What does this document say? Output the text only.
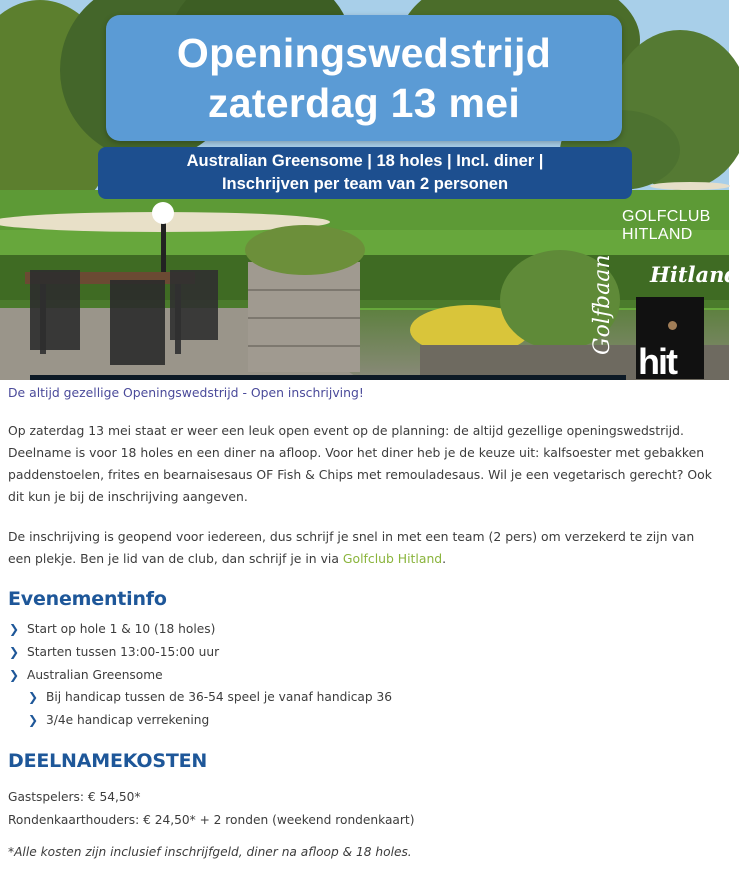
Openingswedstrijd
zaterdag 13 mei
Australian Greensome | 18 holes | Incl. diner |
Inschrijven per team van 2 personen
GOLFCLUB
HITLAND
Golfbaan Hitland
hit

De altijd gezellige Openingswedstrijd - Open inschrijving!

Op zaterdag 13 mei staat er weer een leuk open event op de planning: de altijd gezellige openingswedstrijd. Deelname is voor 18 holes en een diner na afloop. Voor het diner heb je de keuze uit: kalfsoester met gebakken paddenstoelen, frites en bearnaisesaus OF Fish & Chips met remouladesaus. Wil je een vegetarisch gerecht? Ook dit kun je bij de inschrijving aangeven.

De inschrijving is geopend voor iedereen, dus schrijf je snel in met een team (2 pers) om verzekerd te zijn van een plekje. Ben je lid van de club, dan schrijf je in via Golfclub Hitland.

Evenementinfo
❯ Start op hole 1 & 10 (18 holes)
❯ Starten tussen 13:00-15:00 uur
❯ Australian Greensome
❯ Bij handicap tussen de 36-54 speel je vanaf handicap 36
❯ 3/4e handicap verrekening
DEELNAMEKOSTEN
Gastspelers: € 54,50*
Rondenkaarthouders: € 24,50* + 2 ronden (weekend rondenkaart)
*Alle kosten zijn inclusief inschrijfgeld, diner na afloop & 18 holes.
